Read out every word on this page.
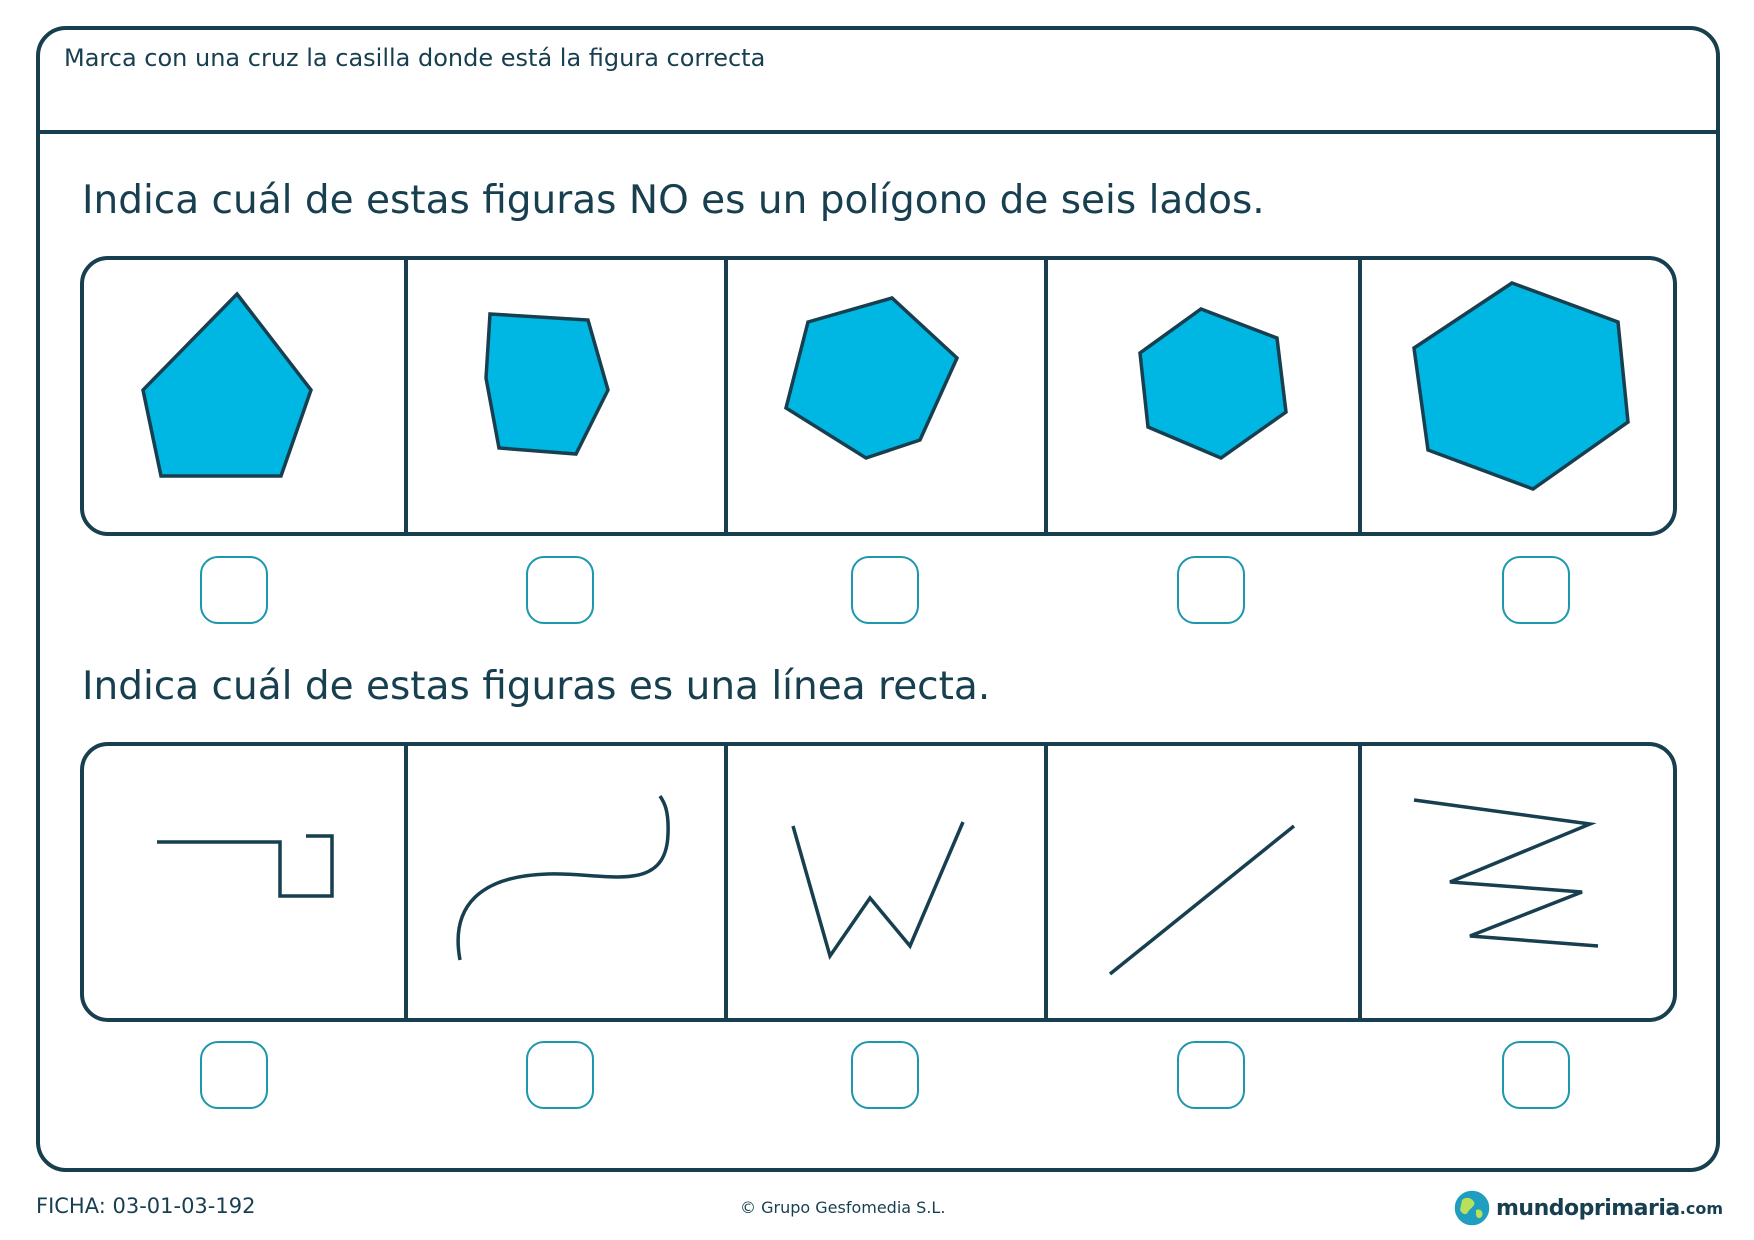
Marca con una cruz la casilla donde está la figura correcta

Indica cuál de estas figuras NO es un polígono de seis lados.
Indica cuál de estas figuras es una línea recta.

FICHA: 03-01-03-192	© Grupo Gesfomedia S.L.	mundoprimaria .com
